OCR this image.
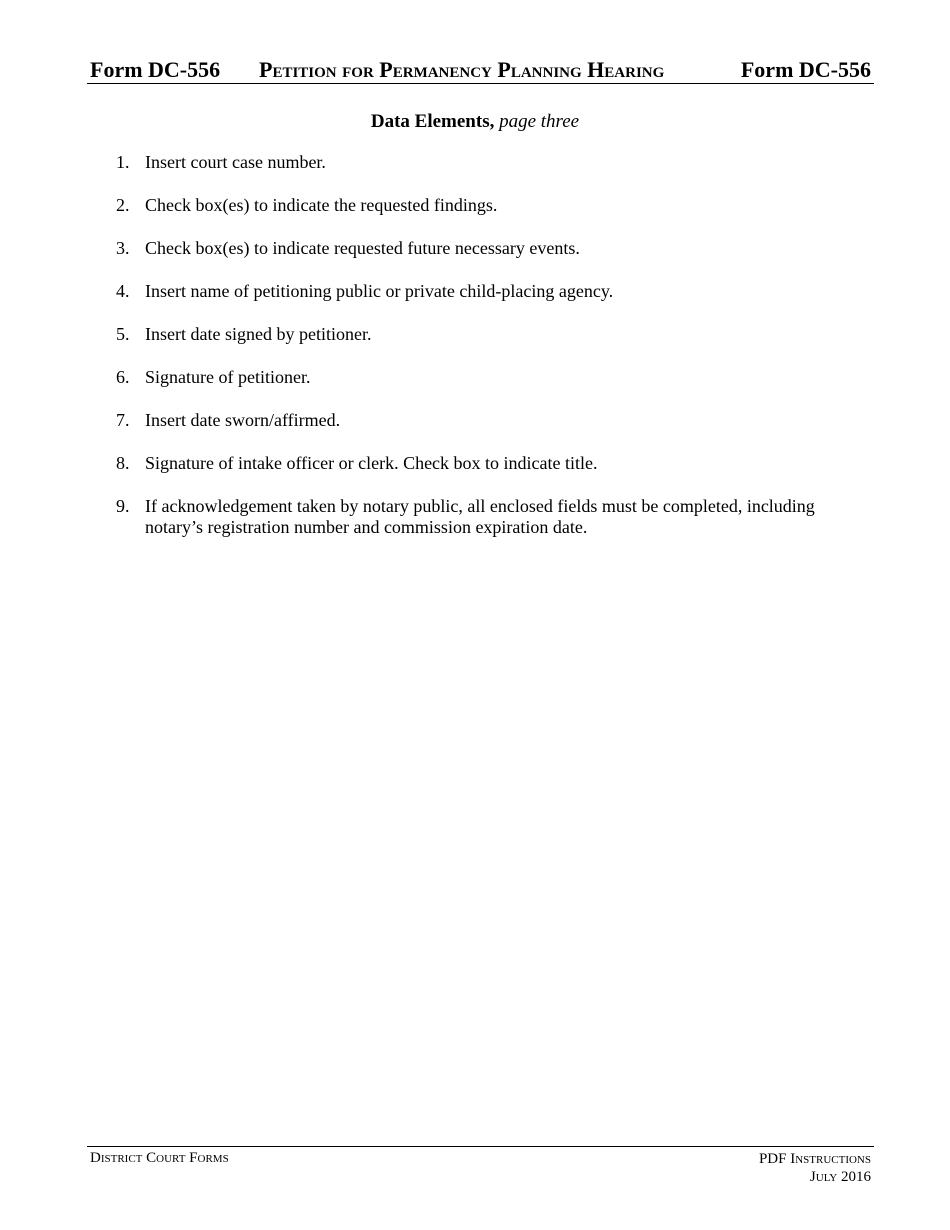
Form DC-556 Petition for Permanency Planning Hearing	Form DC-556
Data Elements, page three
1. Insert court case number.
2. Check box(es) to indicate the requested findings.
3. Check box(es) to indicate requested future necessary events.
4. Insert name of petitioning public or private child-placing agency.
5. Insert date signed by petitioner.
6. Signature of petitioner.
7. Insert date sworn/affirmed.
8. Signature of intake officer or clerk. Check box to indicate title.
9. If acknowledgement taken by notary public, all enclosed fields must be completed, including notary’s registration number and commission expiration date.
District Court Forms	PDF Instructions
July 2016
